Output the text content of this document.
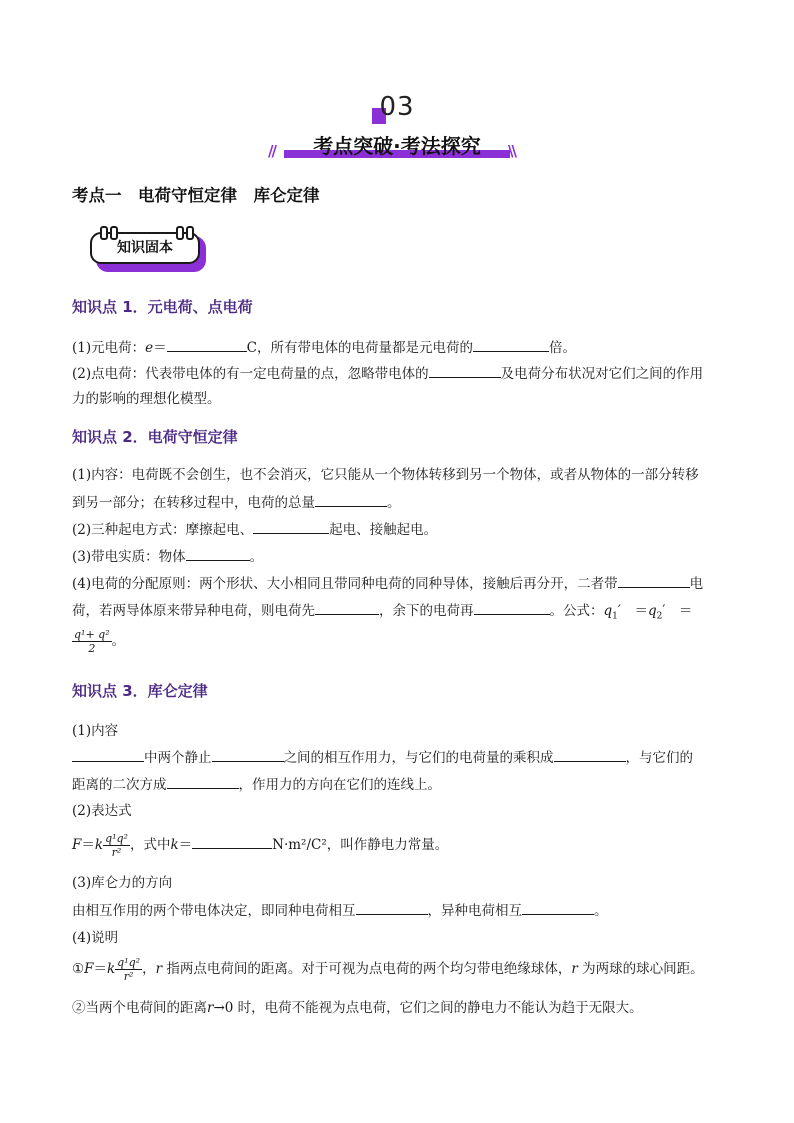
03
//	考点突破·考法探究	\\
考点一　电荷守恒定律　库仑定律
知识固本
知识点 1．元电荷、点电荷
(1)元电荷：e＝	C，所有带电体的电荷量都是元电荷的	倍。
(2)点电荷：代表带电体的有一定电荷量的点，忽略带电体的	及电荷分布状况对它们之间的作用
力的影响的理想化模型。
知识点 2．电荷守恒定律
(1)内容：电荷既不会创生，也不会消灭，它只能从一个物体转移到另一个物体，或者从物体的一部分转移
到另一部分；在转移过程中，电荷的总量	。
(2)三种起电方式：摩擦起电、	起电、接触起电。
(3)带电实质：物体	。
(4)电荷的分配原则：两个形状、大小相同且带同种电荷的同种导体，接触后再分开，二者带	电
荷，若两导体原来带异种电荷，则电荷先	，余下的电荷再	。公式：$q_1'$　$=q_2'$　＝
$\frac{\text{q¹+ q²}}{2}$ 。
知识点 3．库仑定律
(1)内容
中两个静止	之间的相互作用力，与它们的电荷量的乘积成	，与它们的
距离的二次方成	，作用力的方向在它们的连线上。
(2)表达式
$F=k \frac{\text{q¹q²}}{\text{r²}}$ ，式中k＝	N·m²/C²，叫作静电力常量。
(3)库仑力的方向
由相互作用的两个带电体决定，即同种电荷相互	，异种电荷相互	。
(4)说明
①F＝k $\frac{\text{q¹q²}}{\text{r²}}$ ，r 指两点电荷间的距离。对于可视为点电荷的两个均匀带电绝缘球体，r 为两球的球心间距。
②当两个电荷间的距离r→0 时，电荷不能视为点电荷，它们之间的静电力不能认为趋于无限大。
